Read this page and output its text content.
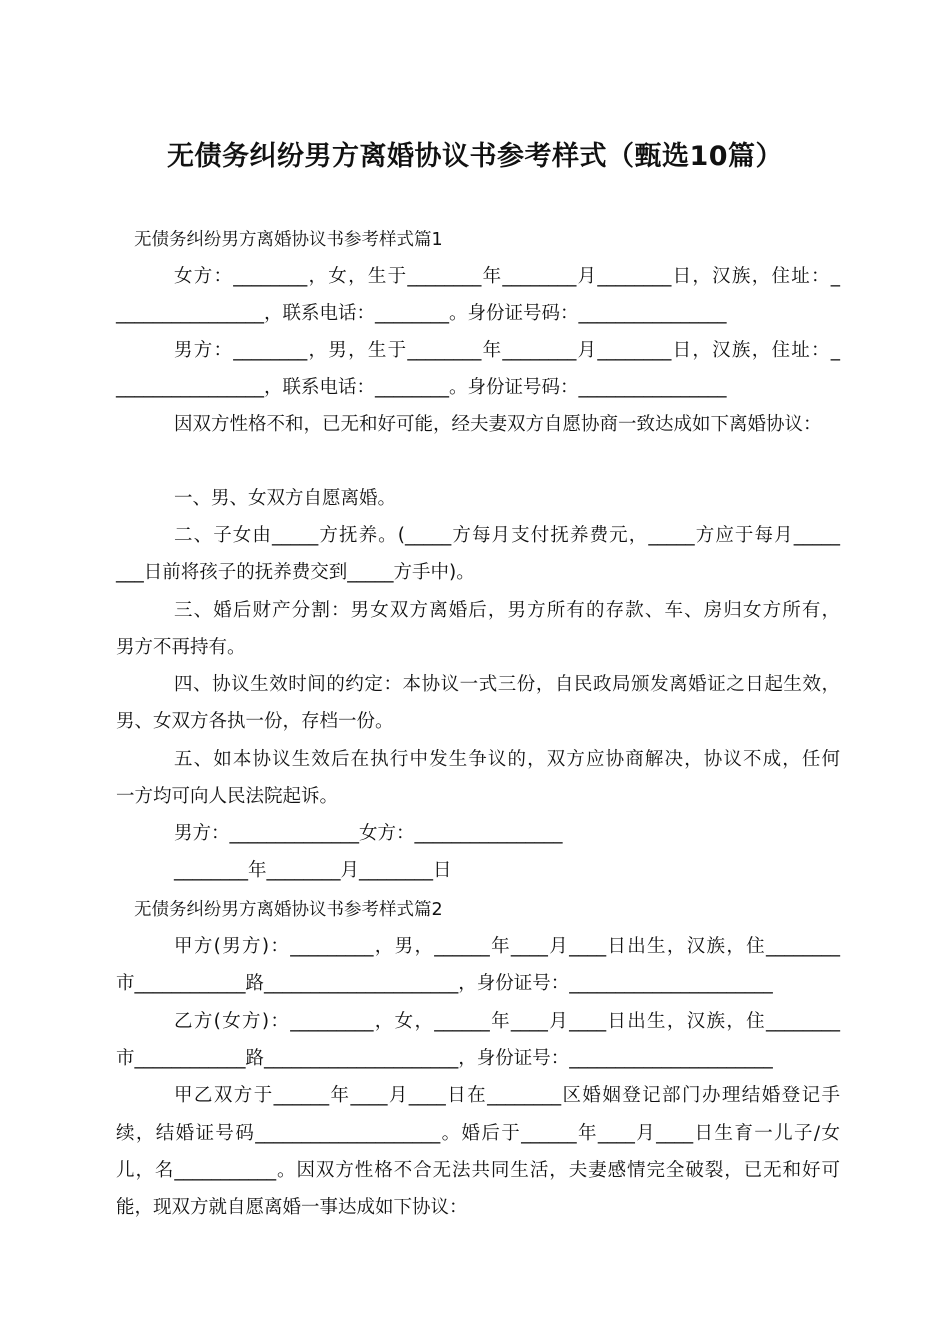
无债务纠纷男方离婚协议书参考样式（甄选10篇）
无债务纠纷男方离婚协议书参考样式篇1
女方：________，女，生于________年________月________日，汉族，住址：_
________________，联系电话：________。身份证号码：________________
男方：________，男，生于________年________月________日，汉族，住址：_
________________，联系电话：________。身份证号码：________________
因双方性格不和，已无和好可能，经夫妻双方自愿协商一致达成如下离婚协议：
一、男、女双方自愿离婚。
二、子女由_____方抚养。(_____方每月支付抚养费元，_____方应于每月_____
___日前将孩子的抚养费交到_____方手中)。
三、婚后财产分割：男女双方离婚后，男方所有的存款、车、房归女方所有，
男方不再持有。
四、协议生效时间的约定：本协议一式三份，自民政局颁发离婚证之日起生效，
男、女双方各执一份，存档一份。
五、如本协议生效后在执行中发生争议的，双方应协商解决，协议不成，任何
一方均可向人民法院起诉。
男方：______________女方：________________
________年________月________日
无债务纠纷男方离婚协议书参考样式篇2
甲方(男方)：_________，男，______年____月____日出生，汉族，住________
市____________路_____________________，身份证号：______________________
乙方(女方)：_________，女，______年____月____日出生，汉族，住________
市____________路_____________________，身份证号：______________________
甲乙双方于______年____月____日在________区婚姻登记部门办理结婚登记手
续，结婚证号码____________________。婚后于______年____月____日生育一儿子/女
儿，名___________。因双方性格不合无法共同生活，夫妻感情完全破裂，已无和好可
能，现双方就自愿离婚一事达成如下协议：
